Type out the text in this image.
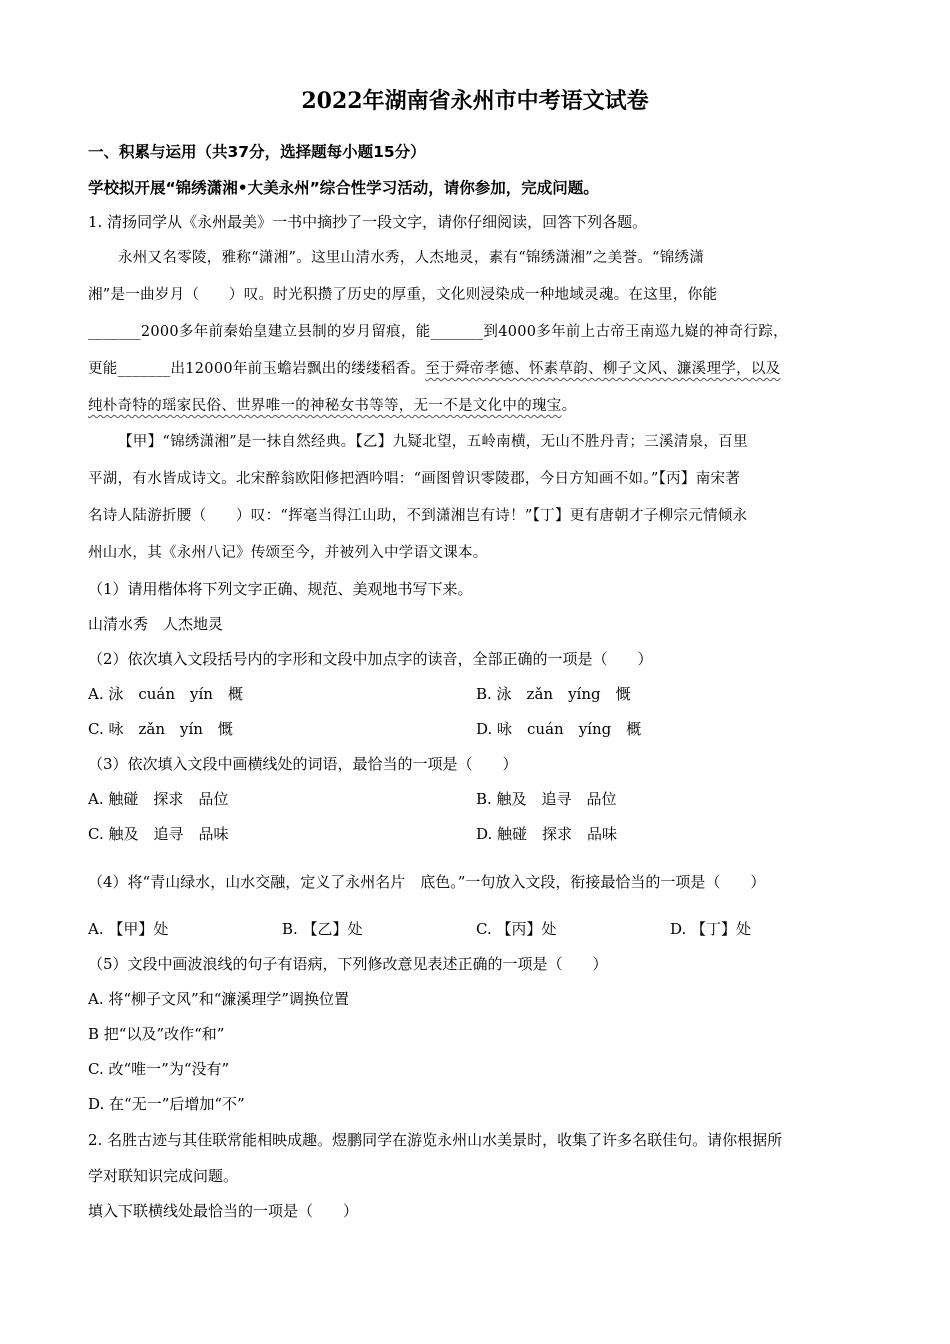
2022年湖南省永州市中考语文试卷
一、积累与运用（共37分，选择题每小题15分）
学校拟开展“锦绣潇湘•大美永州”综合性学习活动，请你参加，完成问题。
1. 清扬同学从《永州最美》一书中摘抄了一段文字，请你仔细阅读，回答下列各题。
永州又名零陵，雅称“潇湘”。这里山清水秀，人杰地灵，素有“锦绣潇湘”之美誉。“锦绣潇
湘”是一曲岁月（　　）叹。时光积攒了历史的厚重，文化则浸染成一种地域灵魂。在这里，你能
_______2000多年前秦始皇建立县制的岁月留痕，能_______到4000多年前上古帝王南巡九嶷的神奇行踪，
更能_______出12000年前玉蟾岩飘出的缕缕稻香。至于舜帝孝德、怀素草韵、柳子文风、濂溪理学，以及
纯朴奇特的瑶家民俗、世界唯一的神秘女书等等，无一不是文化中的瑰宝。
【甲】“锦绣潇湘”是一抹自然经典。【乙】九疑北望，五岭南横，无山不胜丹青；三溪清泉，百里
平湖，有水皆成诗文。北宋醉翁欧阳修把酒吟唱：“画图曾识零陵郡，今日方知画不如。”【丙】南宋著
名诗人陆游折腰（　　）叹：“挥毫当得江山助，不到潇湘岂有诗！”【丁】更有唐朝才子柳宗元情倾永
州山水，其《永州八记》传颂至今，并被列入中学语文课本。
（1）请用楷体将下列文字正确、规范、美观地书写下来。
山清水秀　人杰地灵
（2）依次填入文段括号内的字形和文段中加点字的读音，全部正确的一项是（　　）
A. 泳　cuán　yín　概	B. 泳　zǎn　yíng　慨
C. 咏　zǎn　yín　慨	D. 咏　cuán　yíng　概
（3）依次填入文段中画横线处的词语，最恰当的一项是（　　）
A. 触碰　探求　品位	B. 触及　追寻　品位
C. 触及　追寻　品味	D. 触碰　探求　品味
（4）将“青山绿水，山水交融，定义了永州名片　底色。”一句放入文段，衔接最恰当的一项是（　　）
A. 【甲】处	B. 【乙】处	C. 【丙】处	D. 【丁】处
（5）文段中画波浪线的句子有语病，下列修改意见表述正确的一项是（　　）
A. 将“柳子文风”和“濂溪理学”调换位置
B 把“以及”改作“和”
C. 改“唯一”为“没有”
D. 在“无一”后增加“不”
2. 名胜古迹与其佳联常能相映成趣。煜鹏同学在游览永州山水美景时，收集了许多名联佳句。请你根据所
学对联知识完成问题。
填入下联横线处最恰当的一项是（　　）
